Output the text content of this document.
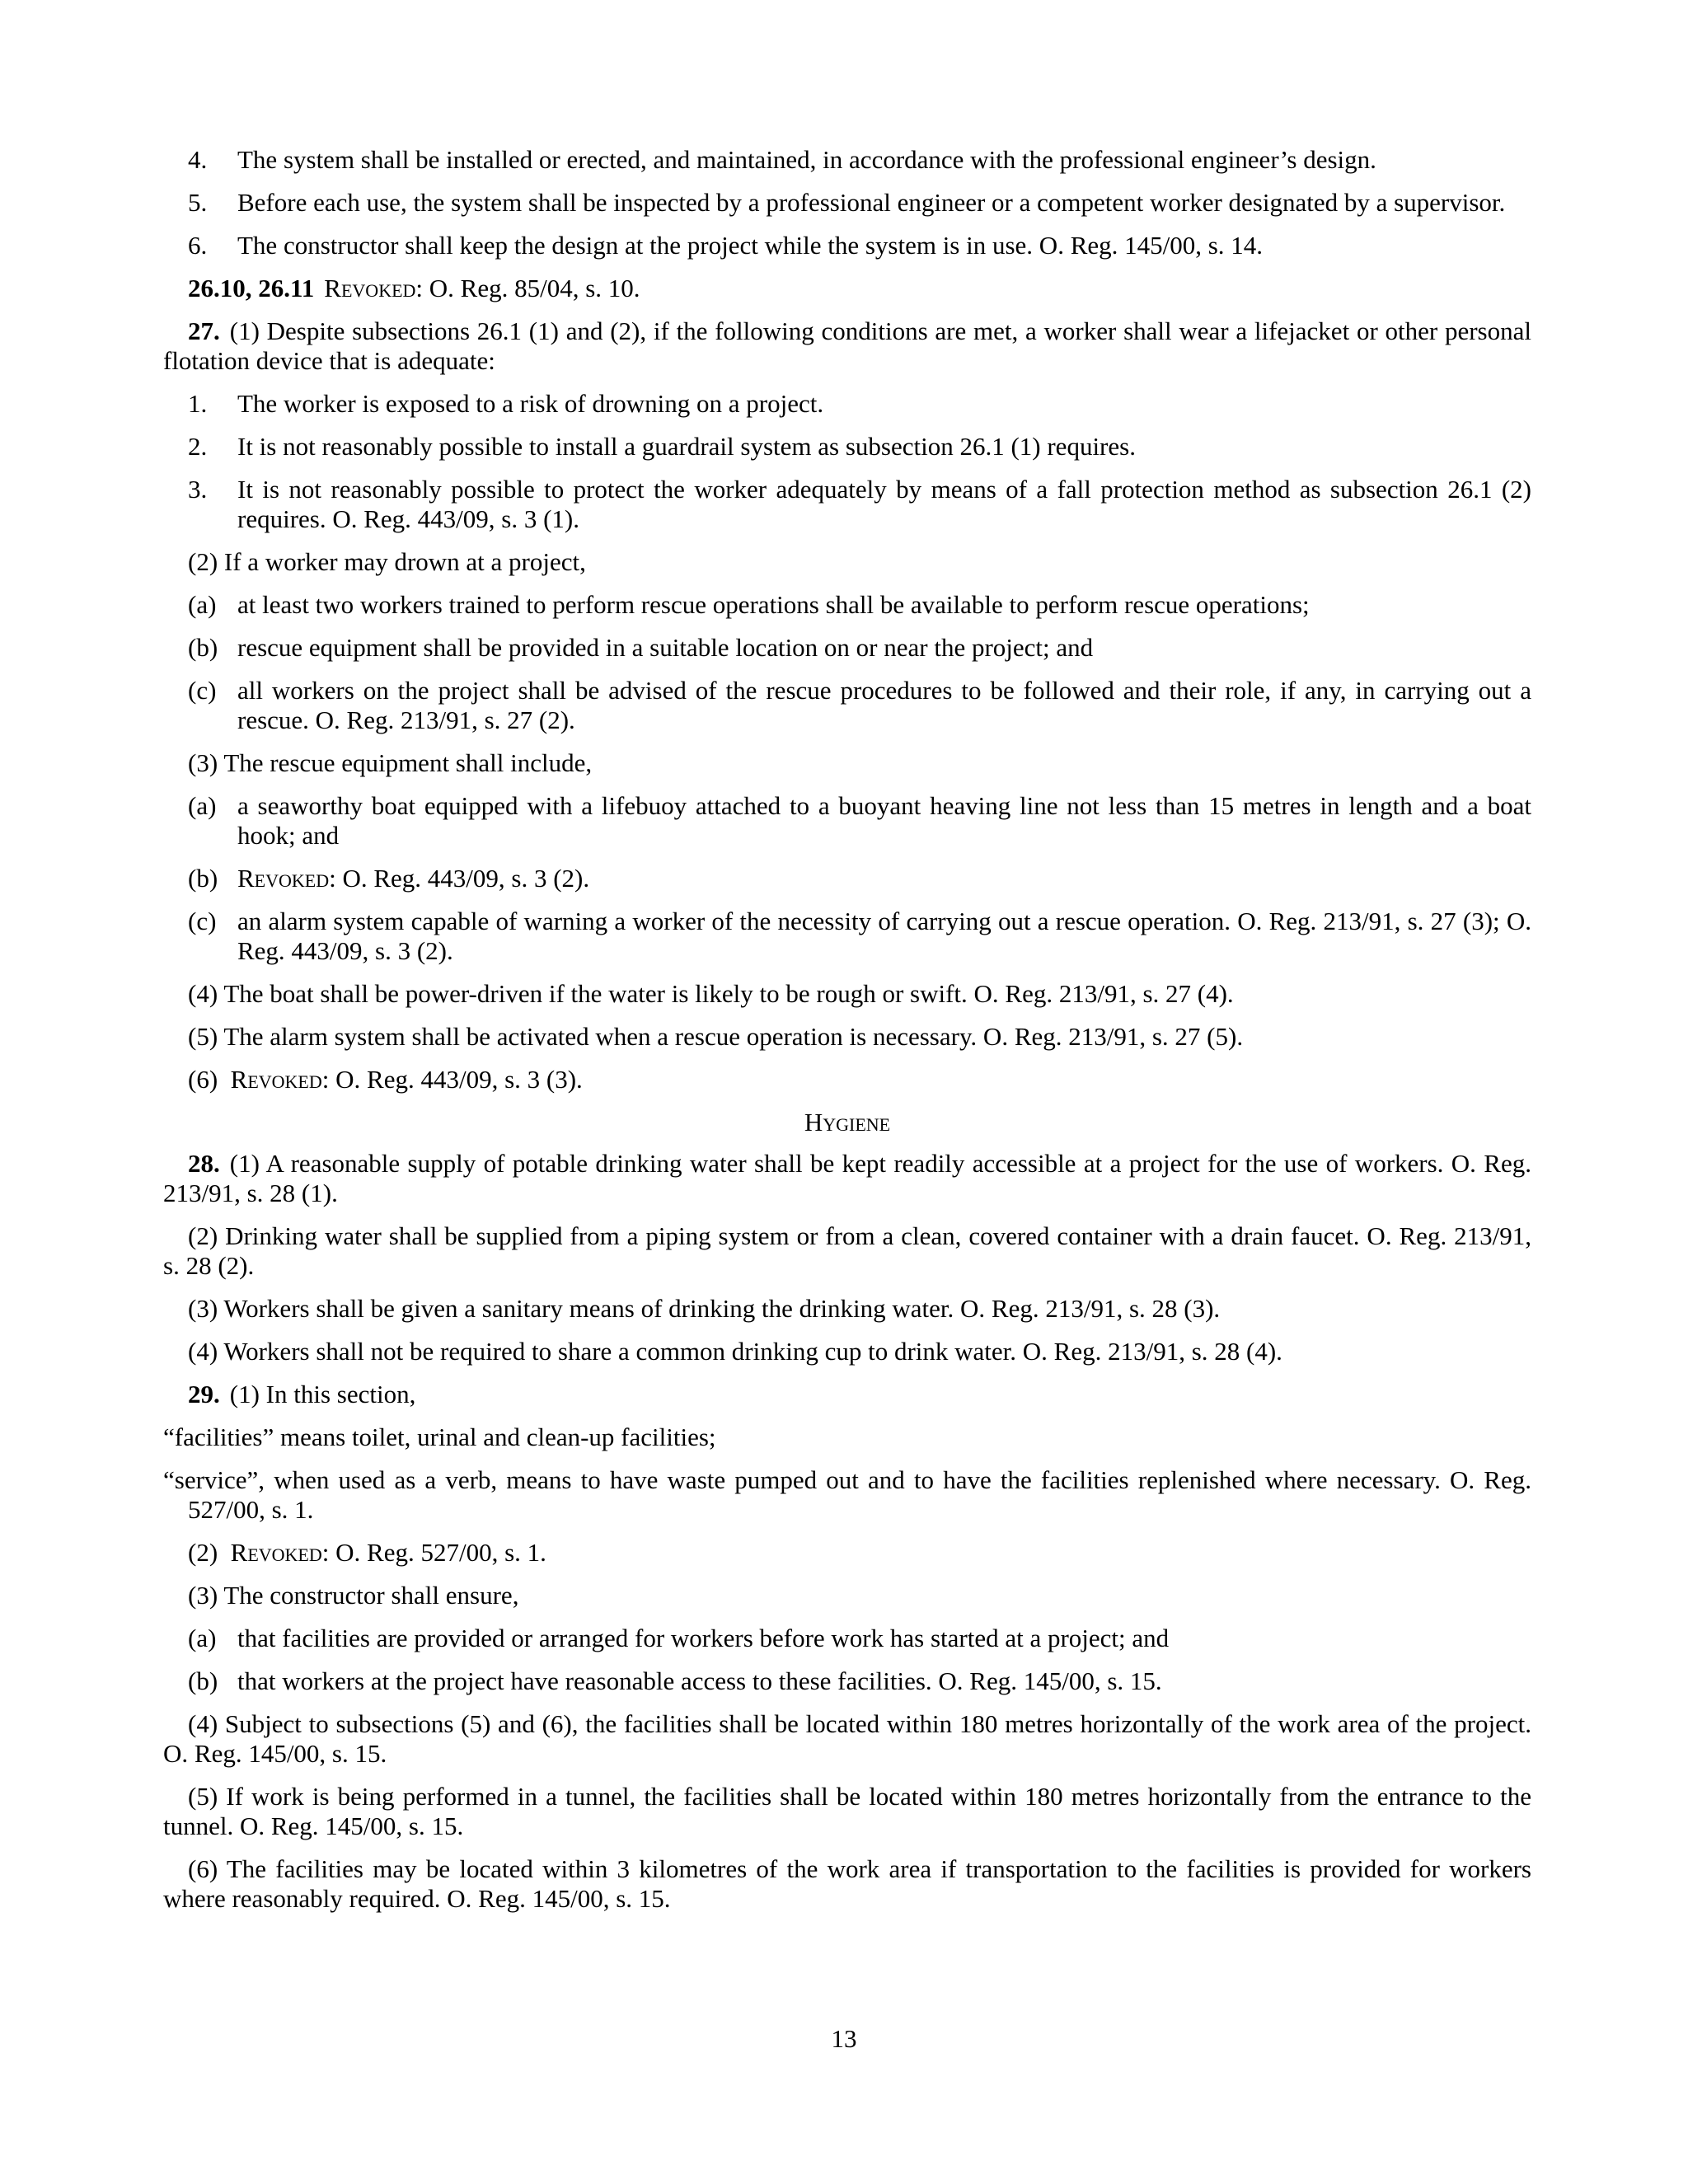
4. The system shall be installed or erected, and maintained, in accordance with the professional engineer’s design.
5. Before each use, the system shall be inspected by a professional engineer or a competent worker designated by a supervisor.
6. The constructor shall keep the design at the project while the system is in use. O. Reg. 145/00, s. 14.

26.10, 26.11 Revoked: O. Reg. 85/04, s. 10.

27. (1) Despite subsections 26.1 (1) and (2), if the following conditions are met, a worker shall wear a lifejacket or other personal flotation device that is adequate:

1. The worker is exposed to a risk of drowning on a project.
2. It is not reasonably possible to install a guardrail system as subsection 26.1 (1) requires.
3. It is not reasonably possible to protect the worker adequately by means of a fall protection method as subsection 26.1 (2) requires. O. Reg. 443/09, s. 3 (1).

(2) If a worker may drown at a project,

(a) at least two workers trained to perform rescue operations shall be available to perform rescue operations;
(b) rescue equipment shall be provided in a suitable location on or near the project; and
(c) all workers on the project shall be advised of the rescue procedures to be followed and their role, if any, in carrying out a rescue. O. Reg. 213/91, s. 27 (2).

(3) The rescue equipment shall include,

(a) a seaworthy boat equipped with a lifebuoy attached to a buoyant heaving line not less than 15 metres in length and a boat hook; and
(b) Revoked: O. Reg. 443/09, s. 3 (2).
(c) an alarm system capable of warning a worker of the necessity of carrying out a rescue operation. O. Reg. 213/91, s. 27 (3); O. Reg. 443/09, s. 3 (2).

(4) The boat shall be power-driven if the water is likely to be rough or swift. O. Reg. 213/91, s. 27 (4).

(5) The alarm system shall be activated when a rescue operation is necessary. O. Reg. 213/91, s. 27 (5).

(6)  Revoked: O. Reg. 443/09, s. 3 (3).

Hygiene

28. (1) A reasonable supply of potable drinking water shall be kept readily accessible at a project for the use of workers. O. Reg. 213/91, s. 28 (1).

(2) Drinking water shall be supplied from a piping system or from a clean, covered container with a drain faucet. O. Reg. 213/91, s. 28 (2).

(3) Workers shall be given a sanitary means of drinking the drinking water. O. Reg. 213/91, s. 28 (3).

(4) Workers shall not be required to share a common drinking cup to drink water. O. Reg. 213/91, s. 28 (4).

29. (1) In this section,

“facilities” means toilet, urinal and clean-up facilities;

“service”, when used as a verb, means to have waste pumped out and to have the facilities replenished where necessary. O. Reg. 527/00, s. 1.

(2)  Revoked: O. Reg. 527/00, s. 1.

(3) The constructor shall ensure,

(a) that facilities are provided or arranged for workers before work has started at a project; and
(b) that workers at the project have reasonable access to these facilities. O. Reg. 145/00, s. 15.

(4) Subject to subsections (5) and (6), the facilities shall be located within 180 metres horizontally of the work area of the project. O. Reg. 145/00, s. 15.

(5) If work is being performed in a tunnel, the facilities shall be located within 180 metres horizontally from the entrance to the tunnel. O. Reg. 145/00, s. 15.

(6) The facilities may be located within 3 kilometres of the work area if transportation to the facilities is provided for workers where reasonably required. O. Reg. 145/00, s. 15.

13
